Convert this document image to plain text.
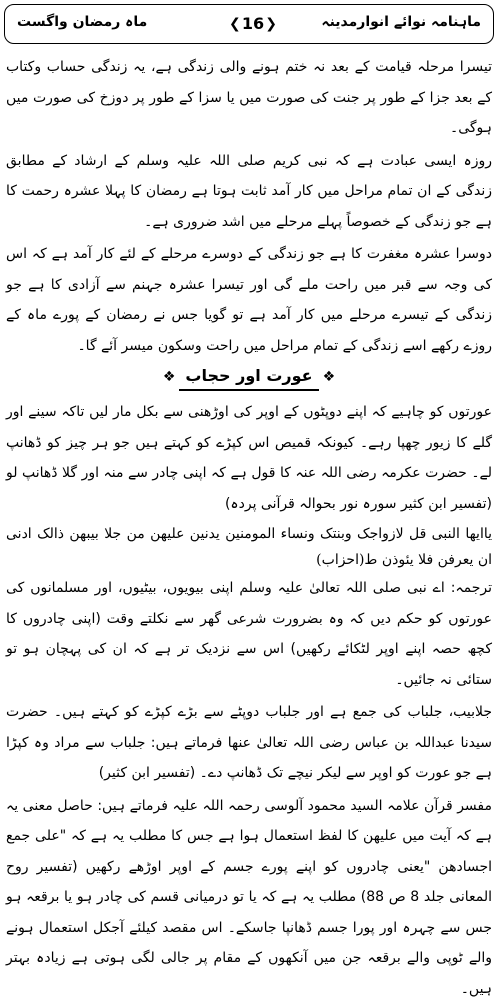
ماہنامہ نوائے انوارمدینہ
❮ 16 ❯
ماہ رمضان واگست

تیسرا مرحلہ قیامت کے بعد نہ ختم ہونے والی زندگی ہے، یہ زندگی حساب وکتاب کے بعد جزا کے طور پر جنت کی صورت میں یا سزا کے طور پر دوزخ کی صورت میں ہوگی۔

روزہ ایسی عبادت ہے کہ نبی کریم صلی اللہ علیہ وسلم کے ارشاد کے مطابق زندگی کے ان تمام مراحل میں کار آمد ثابت ہوتا ہے رمضان کا پہلا عشرہ رحمت کا ہے جو زندگی کے خصوصاً پہلے مرحلے میں اشد ضروری ہے۔

دوسرا عشرہ مغفرت کا ہے جو زندگی کے دوسرے مرحلے کے لئے کار آمد ہے کہ اس کی وجہ سے قبر میں راحت ملے گی اور تیسرا عشرہ جہنم سے آزادی کا ہے جو زندگی کے تیسرے مرحلے میں کار آمد ہے تو گویا جس نے رمضان کے پورے ماہ کے روزے رکھے اسے زندگی کے تمام مراحل میں راحت وسکون میسر آئے گا۔

❖عورت اور حجاب❖

عورتوں کو چاہیے کہ اپنے دوپٹوں کے اوپر کی اوڑھنی سے بکل مار لیں تاکہ سینے اور گلے کا زیور چھپا رہے۔ کیونکہ قمیص اس کپڑے کو کہتے ہیں جو ہر چیز کو ڈھانپ لے۔ حضرت عکرمہ رضی اللہ عنہ کا قول ہے کہ اپنی چادر سے منہ اور گلا ڈھانپ لو (تفسیر ابن کثیر سورہ نور بحوالہ قرآنی پردہ)

یاایھا النبی قل لازواجک وبنتک ونساء المومنین یدنین علیھن من جلا بیبھن ذالک ادنی ان یعرفن فلا یئوذن ط(احزاب)

ترجمہ: اے نبی صلی اللہ تعالیٰ علیہ وسلم اپنی بیویوں، بیٹیوں، اور مسلمانوں کی عورتوں کو حکم دیں کہ وہ بضرورت شرعی گھر سے نکلتے وقت (اپنی چادروں کا کچھ حصہ اپنے اوپر لٹکائے رکھیں) اس سے نزدیک تر ہے کہ ان کی پہچان ہو تو ستائی نہ جائیں۔

جلابیب، جلباب کی جمع ہے اور جلباب دوپٹے سے بڑے کپڑے کو کہتے ہیں۔ حضرت سیدنا عبداللہ بن عباس رضی اللہ تعالیٰ عنھا فرماتے ہیں: جلباب سے مراد وہ کپڑا ہے جو عورت کو اوپر سے لیکر نیچے تک ڈھانپ دے۔ (تفسیر ابن کثیر)

مفسر قرآن علامہ السید محمود آلوسی رحمہ اللہ علیہ فرماتے ہیں: حاصل معنی یہ ہے کہ آیت میں علیھن کا لفظ استعمال ہوا ہے جس کا مطلب یہ ہے کہ "علی جمع اجسادھن "یعنی چادروں کو اپنے پورے جسم کے اوپر اوڑھے رکھیں (تفسیر روح المعانی جلد 8 ص 88) مطلب یہ ہے کہ یا تو درمیانی قسم کی چادر ہو یا برقعہ ہو جس سے چہرہ اور پورا جسم ڈھانپا جاسکے۔ اس مقصد کیلئے آجکل استعمال ہونے والے ٹوپی والے برقعہ جن میں آنکھوں کے مقام پر جالی لگی ہوتی ہے زیادہ بہتر ہیں۔
